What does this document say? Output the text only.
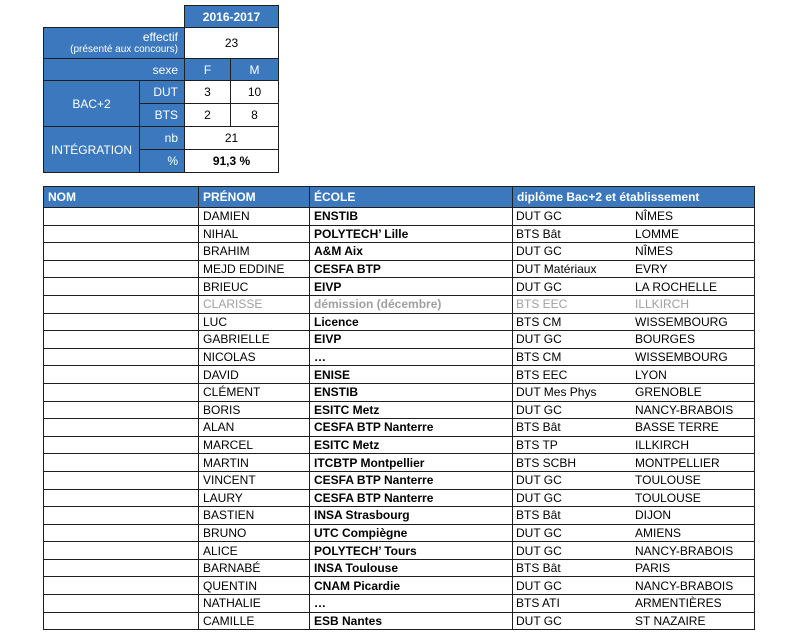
		2016-2017	

effectif
(présenté aux concours)		23	
sexe		F	M
BAC+2	DUT	3	10
	BTS	2	8
INTÉGRATION	nb	21	
	%	91,3 %	
NOM	PRÉNOM	ÉCOLE	diplôme Bac+2 et établissement
	DAMIEN	ENSTIB	DUT GC NÎMES
	NIHAL	POLYTECH’ Lille	BTS Bât LOMME
	BRAHIM	A&M Aix	DUT GC NÎMES
	MEJD EDDINE	CESFA BTP	DUT Matériaux EVRY
	BRIEUC	EIVP	DUT GC LA ROCHELLE
	CLARISSE	démission (décembre)	BTS EEC ILLKIRCH
	LUC	Licence	BTS CM WISSEMBOURG
	GABRIELLE	EIVP	DUT GC BOURGES
	NICOLAS	…	BTS CM WISSEMBOURG
	DAVID	ENISE	BTS EEC LYON
	CLÉMENT	ENSTIB	DUT Mes Phys GRENOBLE
	BORIS	ESITC Metz	DUT GC NANCY-BRABOIS
	ALAN	CESFA BTP Nanterre	BTS Bât BASSE TERRE
	MARCEL	ESITC Metz	BTS TP ILLKIRCH
	MARTIN	ITCBTP Montpellier	BTS SCBH MONTPELLIER
	VINCENT	CESFA BTP Nanterre	DUT GC TOULOUSE
	LAURY	CESFA BTP Nanterre	DUT GC TOULOUSE
	BASTIEN	INSA Strasbourg	BTS Bât DIJON
	BRUNO	UTC Compiègne	DUT GC AMIENS
	ALICE	POLYTECH’ Tours	DUT GC NANCY-BRABOIS
	BARNABÉ	INSA Toulouse	BTS Bât PARIS
	QUENTIN	CNAM Picardie	DUT GC NANCY-BRABOIS
	NATHALIE	…	BTS ATI ARMENTIÈRES
	CAMILLE	ESB Nantes	DUT GC ST NAZAIRE
